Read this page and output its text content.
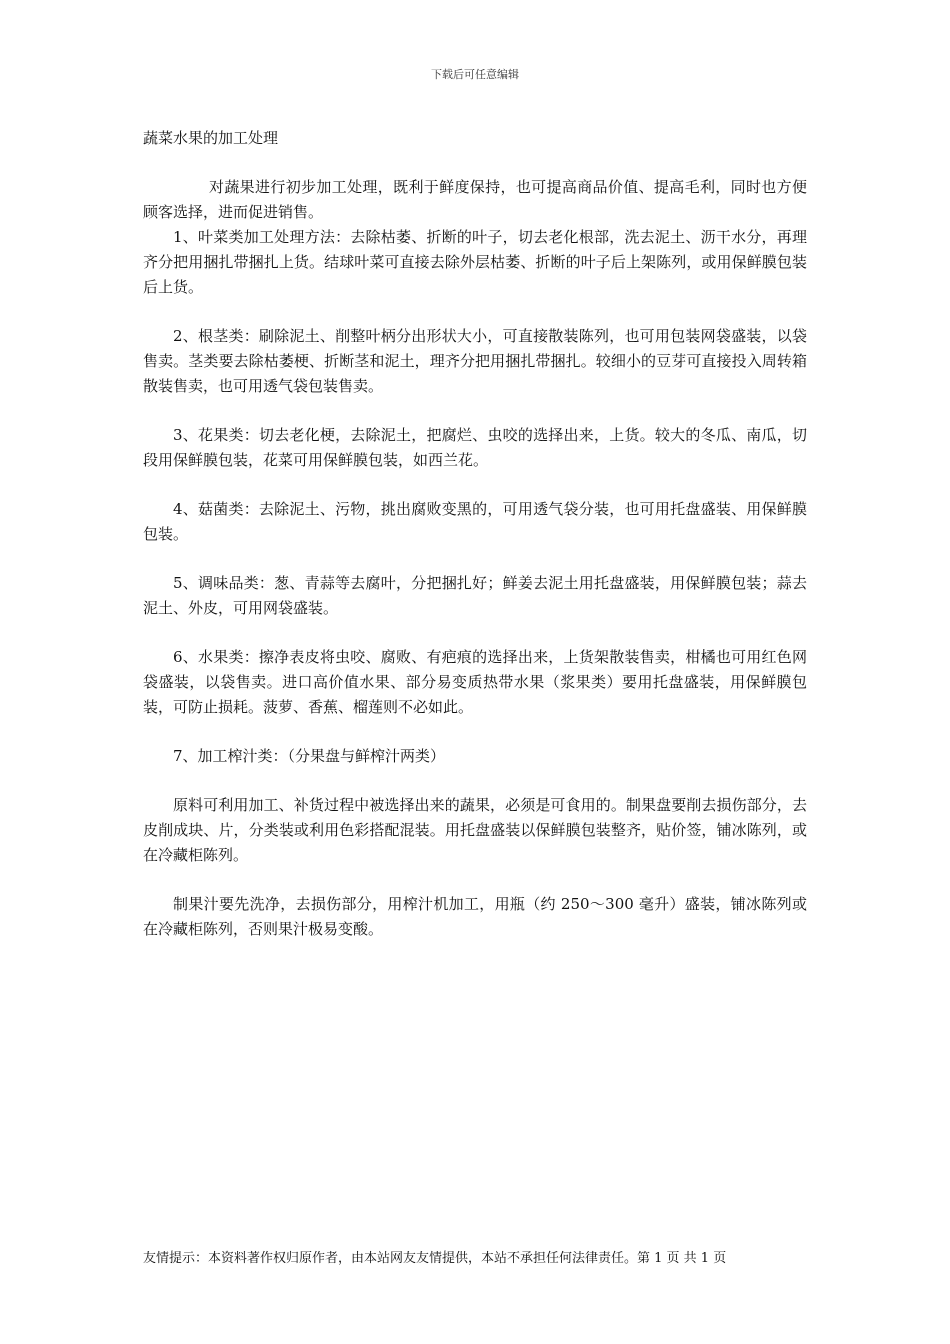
下载后可任意编辑
蔬菜水果的加工处理

对蔬果进行初步加工处理，既利于鲜度保持，也可提高商品价值、提高毛利，同时也方便顾客选择，进而促进销售。

1、叶菜类加工处理方法：去除枯萎、折断的叶子，切去老化根部，洗去泥土、沥干水分，再理齐分把用捆扎带捆扎上货。结球叶菜可直接去除外层枯萎、折断的叶子后上架陈列，或用保鲜膜包装后上货。

2、根茎类：刷除泥土、削整叶柄分出形状大小，可直接散装陈列，也可用包装网袋盛装，以袋售卖。茎类要去除枯萎梗、折断茎和泥土，理齐分把用捆扎带捆扎。较细小的豆芽可直接投入周转箱散装售卖，也可用透气袋包装售卖。

3、花果类：切去老化梗，去除泥土，把腐烂、虫咬的选择出来，上货。较大的冬瓜、南瓜，切段用保鲜膜包装，花菜可用保鲜膜包装，如西兰花。

4、菇菌类：去除泥土、污物，挑出腐败变黑的，可用透气袋分装，也可用托盘盛装、用保鲜膜包装。

5、调味品类：葱、青蒜等去腐叶，分把捆扎好；鲜姜去泥土用托盘盛装，用保鲜膜包装；蒜去泥土、外皮，可用网袋盛装。

6、水果类：擦净表皮将虫咬、腐败、有疤痕的选择出来，上货架散装售卖，柑橘也可用红色网袋盛装，以袋售卖。进口高价值水果、部分易变质热带水果（浆果类）要用托盘盛装，用保鲜膜包装，可防止损耗。菠萝、香蕉、榴莲则不必如此。

7、加工榨汁类：（分果盘与鲜榨汁两类）

原料可利用加工、补货过程中被选择出来的蔬果，必须是可食用的。制果盘要削去损伤部分，去皮削成块、片，分类装或利用色彩搭配混装。用托盘盛装以保鲜膜包装整齐，贴价签，铺冰陈列，或在冷藏柜陈列。

制果汁要先洗净，去损伤部分，用榨汁机加工，用瓶（约 250～300 毫升）盛装，铺冰陈列或在冷藏柜陈列，否则果汁极易变酸。

友情提示：本资料著作权归原作者，由本站网友友情提供，本站不承担任何法律责任。第 1 页 共 1 页
